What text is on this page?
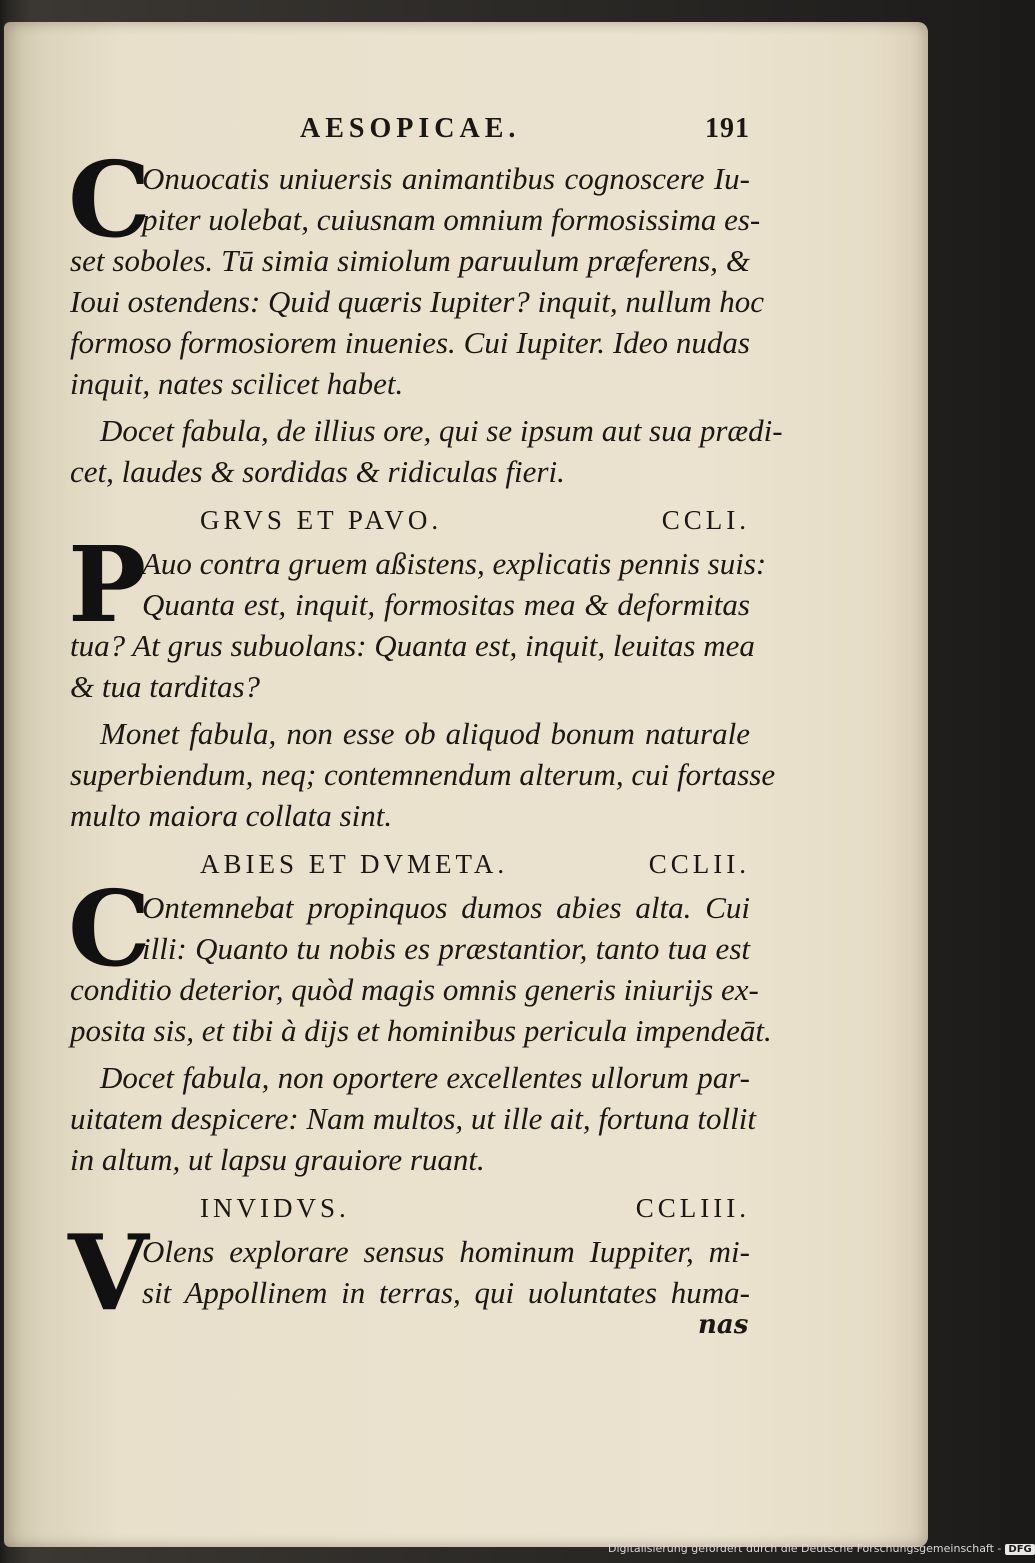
AESOPICAE.	191
C

Onuocatis uniuersis animantibus cognoscere Iu-
piter uolebat, cuiusnam omnium formosissima es-
set soboles. Tū simia simiolum paruulum præferens, &
Ioui ostendens: Quid quæris Iupiter? inquit, nullum hoc
formoso formosiorem inuenies. Cui Iupiter. Ideo nudas
inquit, nates scilicet habet.

Docet fabula, de illius ore, qui se ipsum aut sua prædi-
cet, laudes & sordidas & ridiculas fieri.

GRVS ET PAVO.	CCLI.
P

Auo contra gruem aßistens, explicatis pennis suis:
Quanta est, inquit, formositas mea & deformitas
tua? At grus subuolans: Quanta est, inquit, leuitas mea
& tua tarditas?

Monet fabula, non esse ob aliquod bonum naturale
superbiendum, neq; contemnendum alterum, cui fortasse
multo maiora collata sint.

ABIES ET DVMETA.	CCLII.
C

Ontemnebat propinquos dumos abies alta. Cui
illi: Quanto tu nobis es præstantior, tanto tua est
conditio deterior, quòd magis omnis generis iniurijs ex-
posita sis, et tibi à dijs et hominibus pericula impendeāt.

Docet fabula, non oportere excellentes ullorum par-
uitatem despicere: Nam multos, ut ille ait, fortuna tollit
in altum, ut lapsu grauiore ruant.

INVIDVS.	CCLIII.
V

Olens explorare sensus hominum Iuppiter, mi-
sit Appollinem in terras, qui uoluntates huma-

nas
Digitalisierung gefördert durch die Deutsche Forschungsgemeinschaft - DFG
